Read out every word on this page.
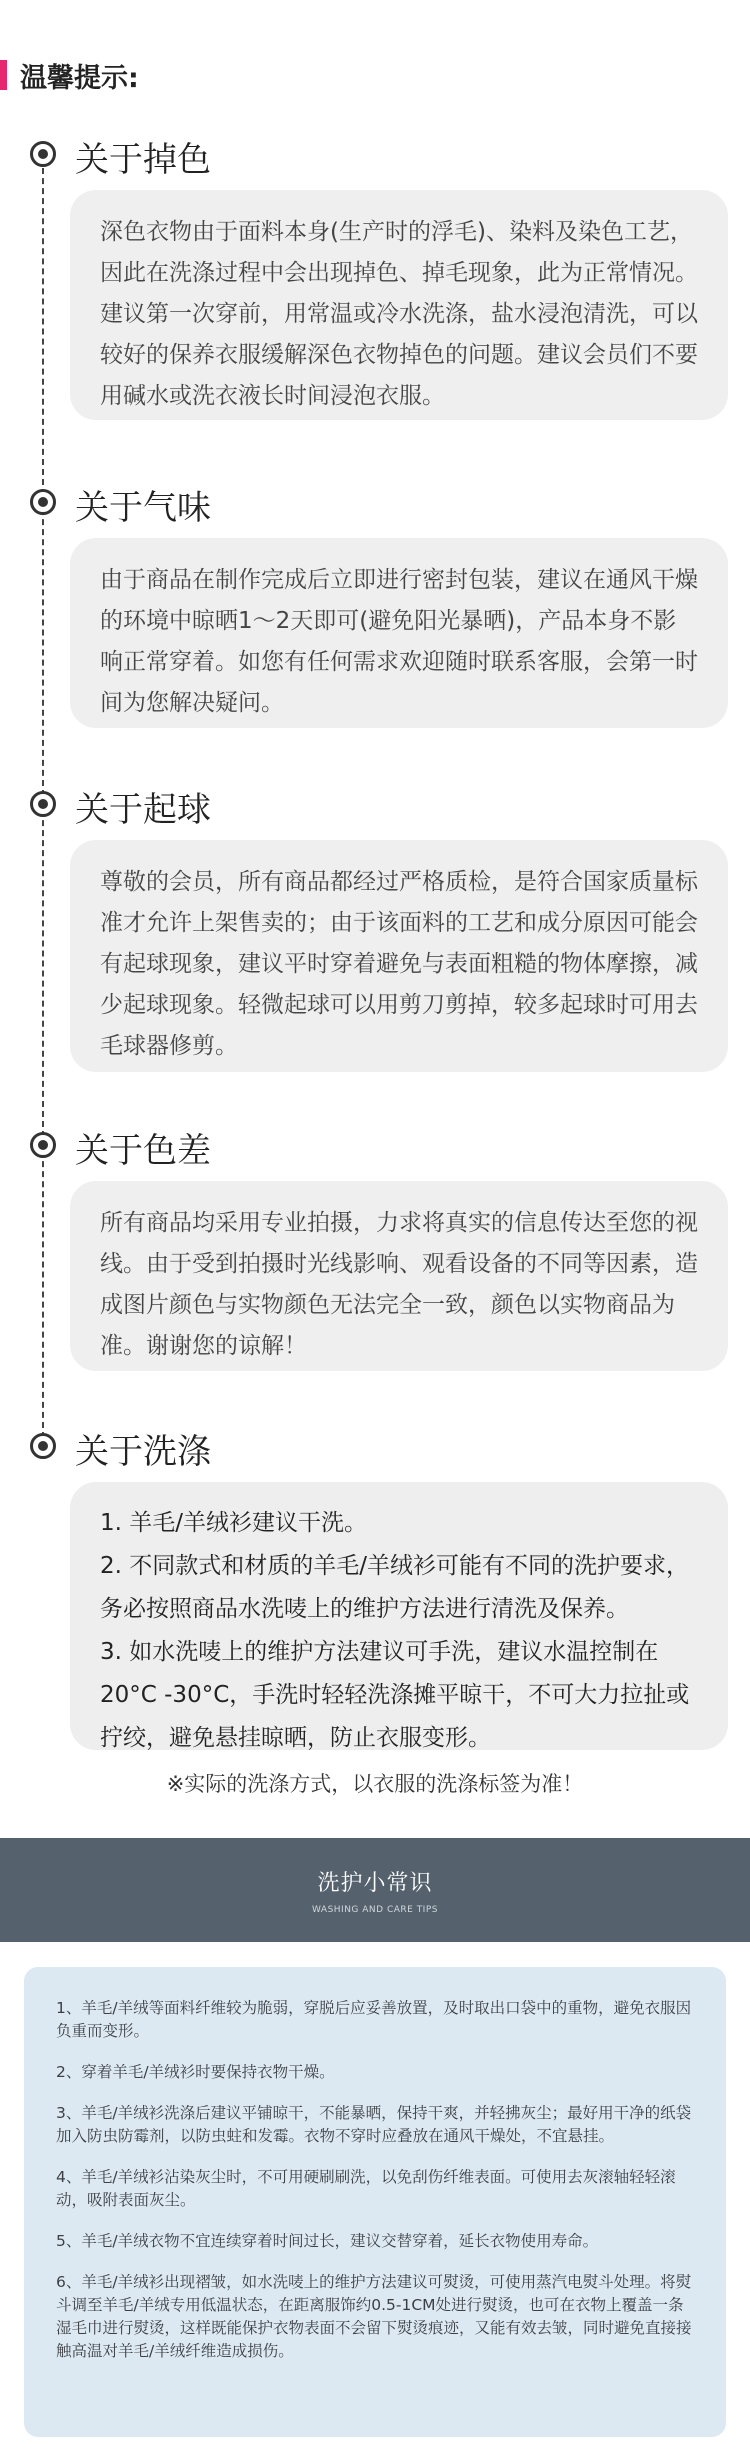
温馨提示:
关于掉色
深色衣物由于面料本身(生产时的浮毛)、染料及染色工艺，因此在洗涤过程中会出现掉色、掉毛现象，此为正常情况。建议第一次穿前，用常温或冷水洗涤，盐水浸泡清洗，可以较好的保养衣服缓解深色衣物掉色的问题。建议会员们不要用碱水或洗衣液长时间浸泡衣服。
关于气味
由于商品在制作完成后立即进行密封包装，建议在通风干燥的环境中晾晒1～2天即可(避免阳光暴晒)，产品本身不影响正常穿着。如您有任何需求欢迎随时联系客服，会第一时间为您解决疑问。
关于起球
尊敬的会员，所有商品都经过严格质检，是符合国家质量标准才允许上架售卖的；由于该面料的工艺和成分原因可能会有起球现象，建议平时穿着避免与表面粗糙的物体摩擦，减少起球现象。轻微起球可以用剪刀剪掉，较多起球时可用去毛球器修剪。
关于色差
所有商品均采用专业拍摄，力求将真实的信息传达至您的视线。由于受到拍摄时光线影响、观看设备的不同等因素，造成图片颜色与实物颜色无法完全一致，颜色以实物商品为准。谢谢您的谅解！
关于洗涤
1. 羊毛/羊绒衫建议干洗。
2. 不同款式和材质的羊毛/羊绒衫可能有不同的洗护要求，务必按照商品水洗唛上的维护方法进行清洗及保养。
3. 如水洗唛上的维护方法建议可手洗，建议水温控制在20°C -30°C，手洗时轻轻洗涤摊平晾干，不可大力拉扯或拧绞，避免悬挂晾晒，防止衣服变形。
※实际的洗涤方式，以衣服的洗涤标签为准！
洗护小常识
WASHING AND CARE TIPS
1、羊毛/羊绒等面料纤维较为脆弱，穿脱后应妥善放置，及时取出口袋中的重物，避免衣服因负重而变形。
2、穿着羊毛/羊绒衫时要保持衣物干燥。
3、羊毛/羊绒衫洗涤后建议平铺晾干，不能暴晒，保持干爽，并轻拂灰尘；最好用干净的纸袋加入防虫防霉剂，以防虫蛀和发霉。衣物不穿时应叠放在通风干燥处，不宜悬挂。
4、羊毛/羊绒衫沾染灰尘时，不可用硬刷刷洗，以免刮伤纤维表面。可使用去灰滚轴轻轻滚动，吸附表面灰尘。
5、羊毛/羊绒衣物不宜连续穿着时间过长，建议交替穿着，延长衣物使用寿命。
6、羊毛/羊绒衫出现褶皱，如水洗唛上的维护方法建议可熨烫，可使用蒸汽电熨斗处理。将熨斗调至羊毛/羊绒专用低温状态，在距离服饰约0.5-1CM处进行熨烫，也可在衣物上覆盖一条湿毛巾进行熨烫，这样既能保护衣物表面不会留下熨烫痕迹，又能有效去皱，同时避免直接接触高温对羊毛/羊绒纤维造成损伤。
